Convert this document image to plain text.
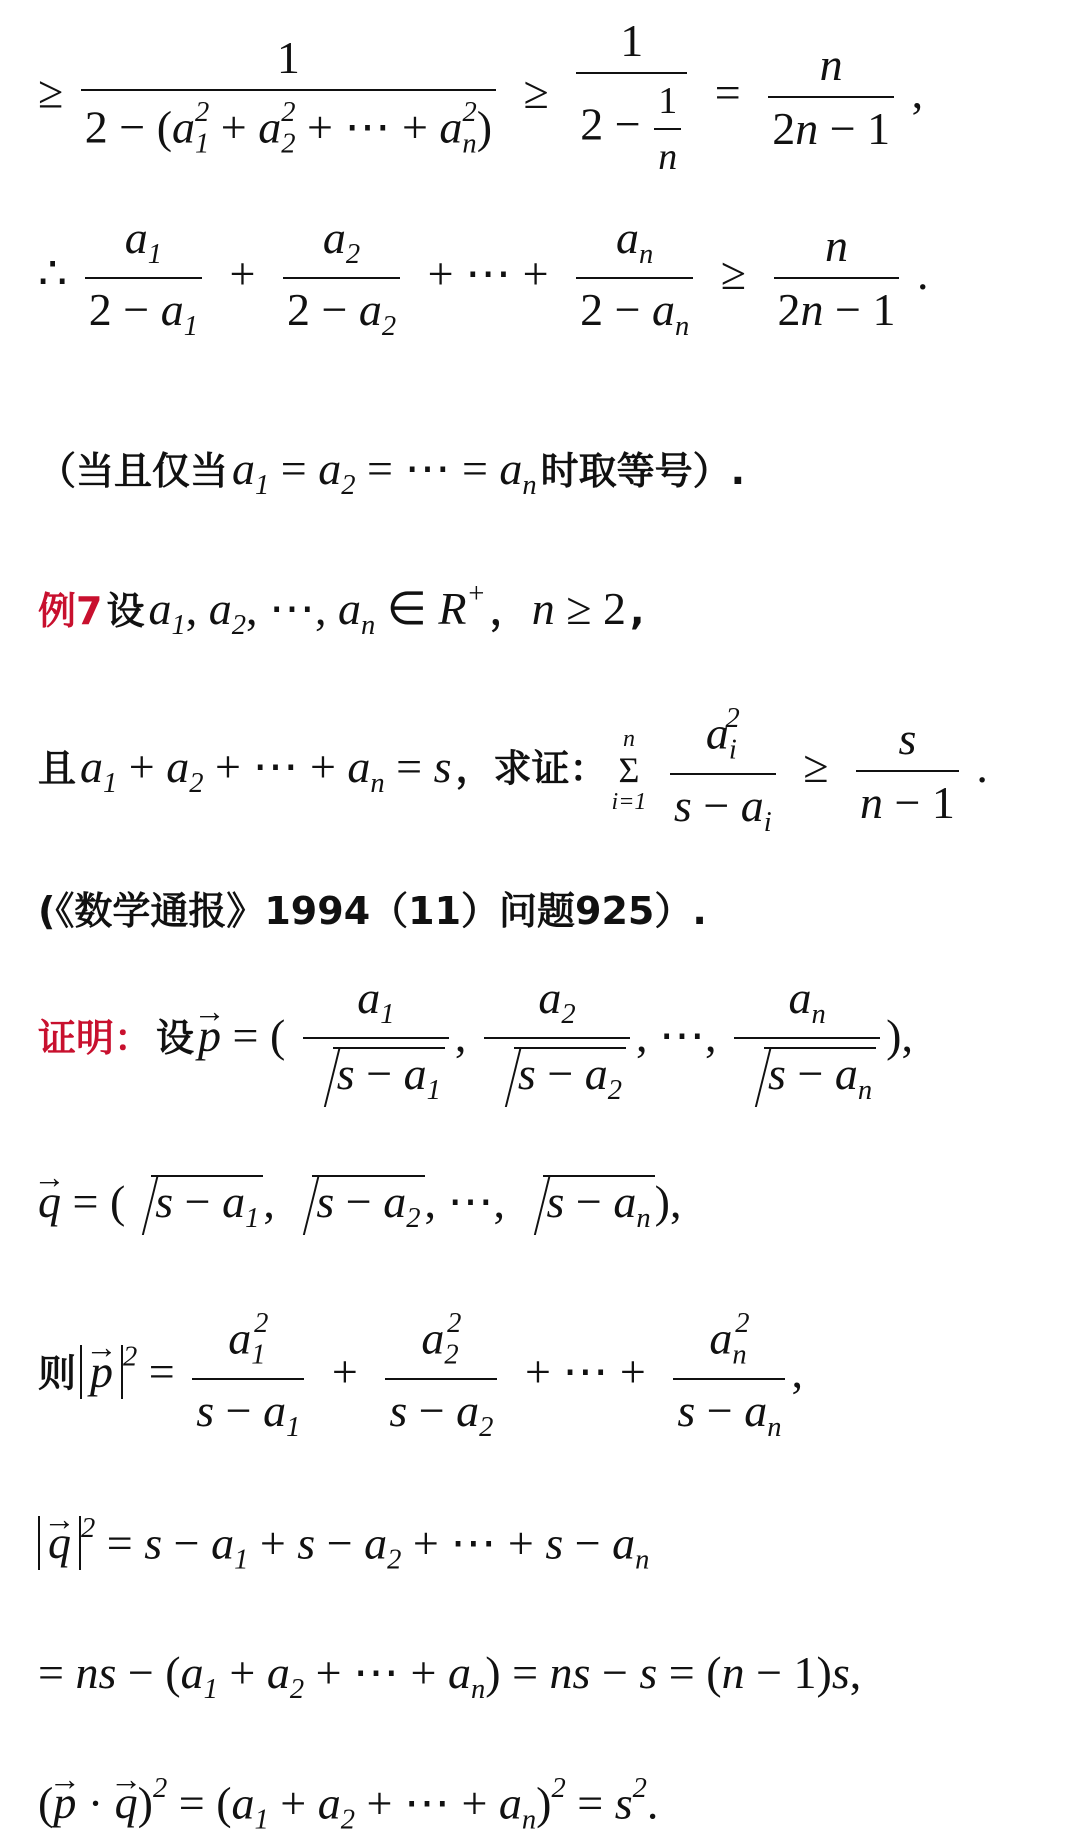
≥ $\frac{1}{2 - (a_1^2 + a_2^2 + \cdots + a_n^2)} \ge \frac{1}{2 - \frac{1}{n}} = \frac{n}{2n - 1}$ ,
∴ $\frac{a_1}{2 - a_1} + \frac{a_2}{2 - a_2}$ + ⋯ + $\frac{a_n}{2 - a_n} \ge \frac{n}{2n - 1}$ .
（当且仅当 $a_1 = a_2$ = ⋯ = $a_n$ 时取等号）.
例7 设 $a_1$, $a_2$, ⋯, $a_n$ ∈ R+ ， n ≥ 2 ,
且 $a_1 + a_2$ + ⋯ + $a_n = s$ ，求证：
n
Σ
i=1
$\frac{a_i^2}{s - a_i} \ge \frac{s}{n - 1}$ .
(《数学通报》1994（11）问题925）.
证明： 设 → p = ( $\frac{a_1}{s - a_1}$ , $\frac{a_2}{s - a_2}$ , ⋯, $\frac{a_n}{s - a_n}$ ),
→ q = ( $s - a_1$, $s - a_2$, ⋯, $s - a_n$),
则 → p $^2 = \frac{a_1^2}{s - a_1} + \frac{a_2^2}{s - a_2}$ + ⋯ + $\frac{a_n^2}{s - a_n}$ ,
→ q $^2 = s - a_1 + s - a_2$ + ⋯ + $s - a_n$
= ns − ($a_1 + a_2$ + ⋯ + $a_n$) = ns − s = (n − 1)s,
(→ p · → $q)^2 = (a_1 + a_2$ + ⋯ + $a_n)^2 = s^2$.
